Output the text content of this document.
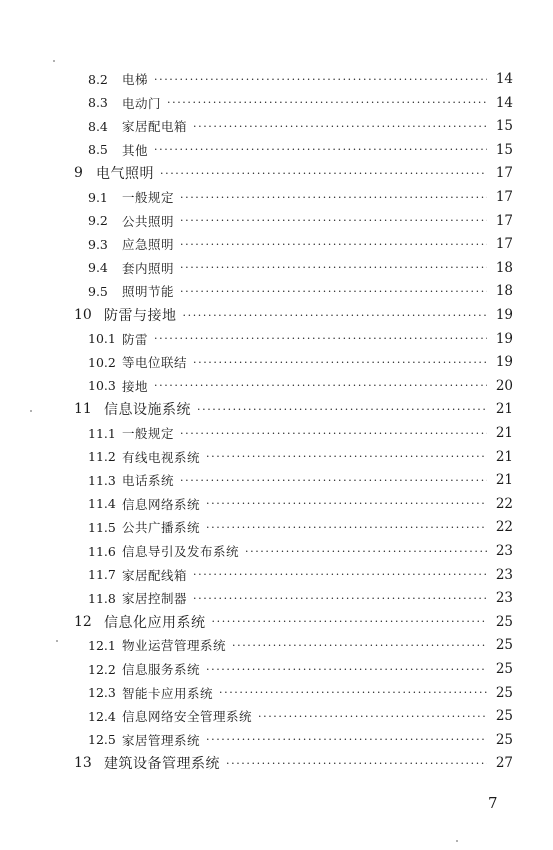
8.2	电梯 ·····	14
8.3	电动门 ·····	14
8.4	家居配电箱 ·····	15
8.5	其他 ·····	15
9 电气照明 ·····	17
9.1	一般规定 ·····	17
9.2	公共照明 ·····	17
9.3	应急照明 ·····	17
9.4	套内照明 ·····	18
9.5	照明节能 ·····	18
10 防雷与接地 ·····	19
10.1 防雷 ·····	19
10.2 等电位联结 ·····	19
10.3 接地 ·····	20
11 信息设施系统 ·····	21
11.1 一般规定 ·····	21
11.2 有线电视系统 ·····	21
11.3 电话系统 ·····	21
11.4 信息网络系统 ·····	22
11.5 公共广播系统 ·····	22
11.6 信息导引及发布系统 ·····	23
11.7 家居配线箱 ·····	23
11.8 家居控制器 ·····	23
12 信息化应用系统 ·····	25
12.1 物业运营管理系统 ·····	25
12.2 信息服务系统 ·····	25
12.3 智能卡应用系统 ·····	25
12.4 信息网络安全管理系统 ·····	25
12.5 家居管理系统 ·····	25
13 建筑设备管理系统 ·····	27
7
